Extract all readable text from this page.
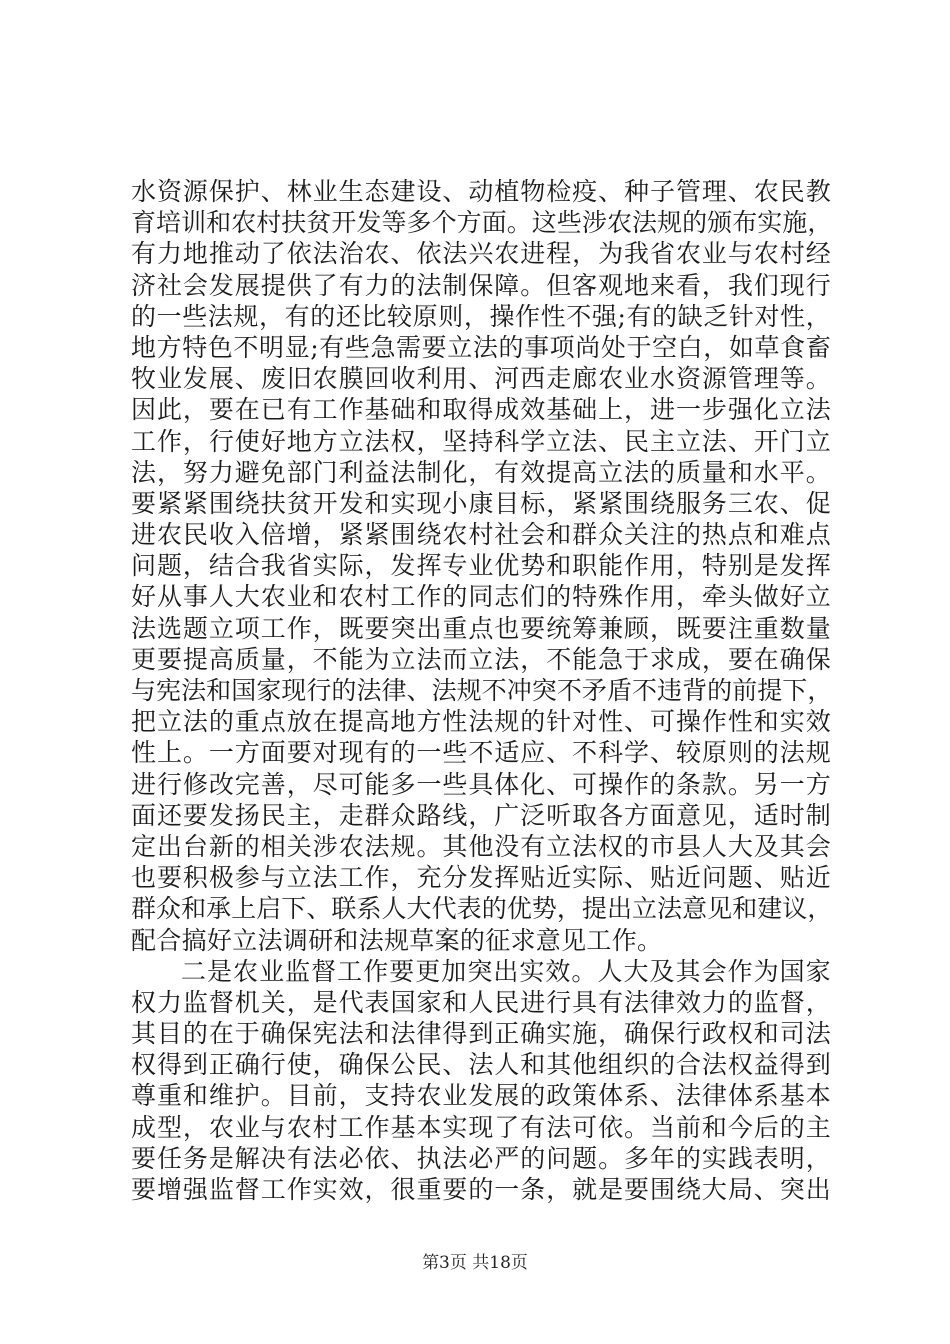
水资源保护、林业生态建设、动植物检疫、种子管理、农民教
育培训和农村扶贫开发等多个方面。这些涉农法规的颁布实施，
有力地推动了依法治农、依法兴农进程，为我省农业与农村经
济社会发展提供了有力的法制保障。但客观地来看，我们现行
的一些法规，有的还比较原则，操作性不强;有的缺乏针对性，
地方特色不明显;有些急需要立法的事项尚处于空白，如草食畜
牧业发展、废旧农膜回收利用、河西走廊农业水资源管理等。
因此，要在已有工作基础和取得成效基础上，进一步强化立法
工作，行使好地方立法权，坚持科学立法、民主立法、开门立
法，努力避免部门利益法制化，有效提高立法的质量和水平。
要紧紧围绕扶贫开发和实现小康目标，紧紧围绕服务三农、促
进农民收入倍增，紧紧围绕农村社会和群众关注的热点和难点
问题，结合我省实际，发挥专业优势和职能作用，特别是发挥
好从事人大农业和农村工作的同志们的特殊作用，牵头做好立
法选题立项工作，既要突出重点也要统筹兼顾，既要注重数量
更要提高质量，不能为立法而立法，不能急于求成，要在确保
与宪法和国家现行的法律、法规不冲突不矛盾不违背的前提下，
把立法的重点放在提高地方性法规的针对性、可操作性和实效
性上。一方面要对现有的一些不适应、不科学、较原则的法规
进行修改完善，尽可能多一些具体化、可操作的条款。另一方
面还要发扬民主，走群众路线，广泛听取各方面意见，适时制
定出台新的相关涉农法规。其他没有立法权的市县人大及其会
也要积极参与立法工作，充分发挥贴近实际、贴近问题、贴近
群众和承上启下、联系人大代表的优势，提出立法意见和建议，
配合搞好立法调研和法规草案的征求意见工作。
二是农业监督工作要更加突出实效。人大及其会作为国家
权力监督机关，是代表国家和人民进行具有法律效力的监督，
其目的在于确保宪法和法律得到正确实施，确保行政权和司法
权得到正确行使，确保公民、法人和其他组织的合法权益得到
尊重和维护。目前，支持农业发展的政策体系、法律体系基本
成型，农业与农村工作基本实现了有法可依。当前和今后的主
要任务是解决有法必依、执法必严的问题。多年的实践表明，
要增强监督工作实效，很重要的一条，就是要围绕大局、突出
第3页 共18页
